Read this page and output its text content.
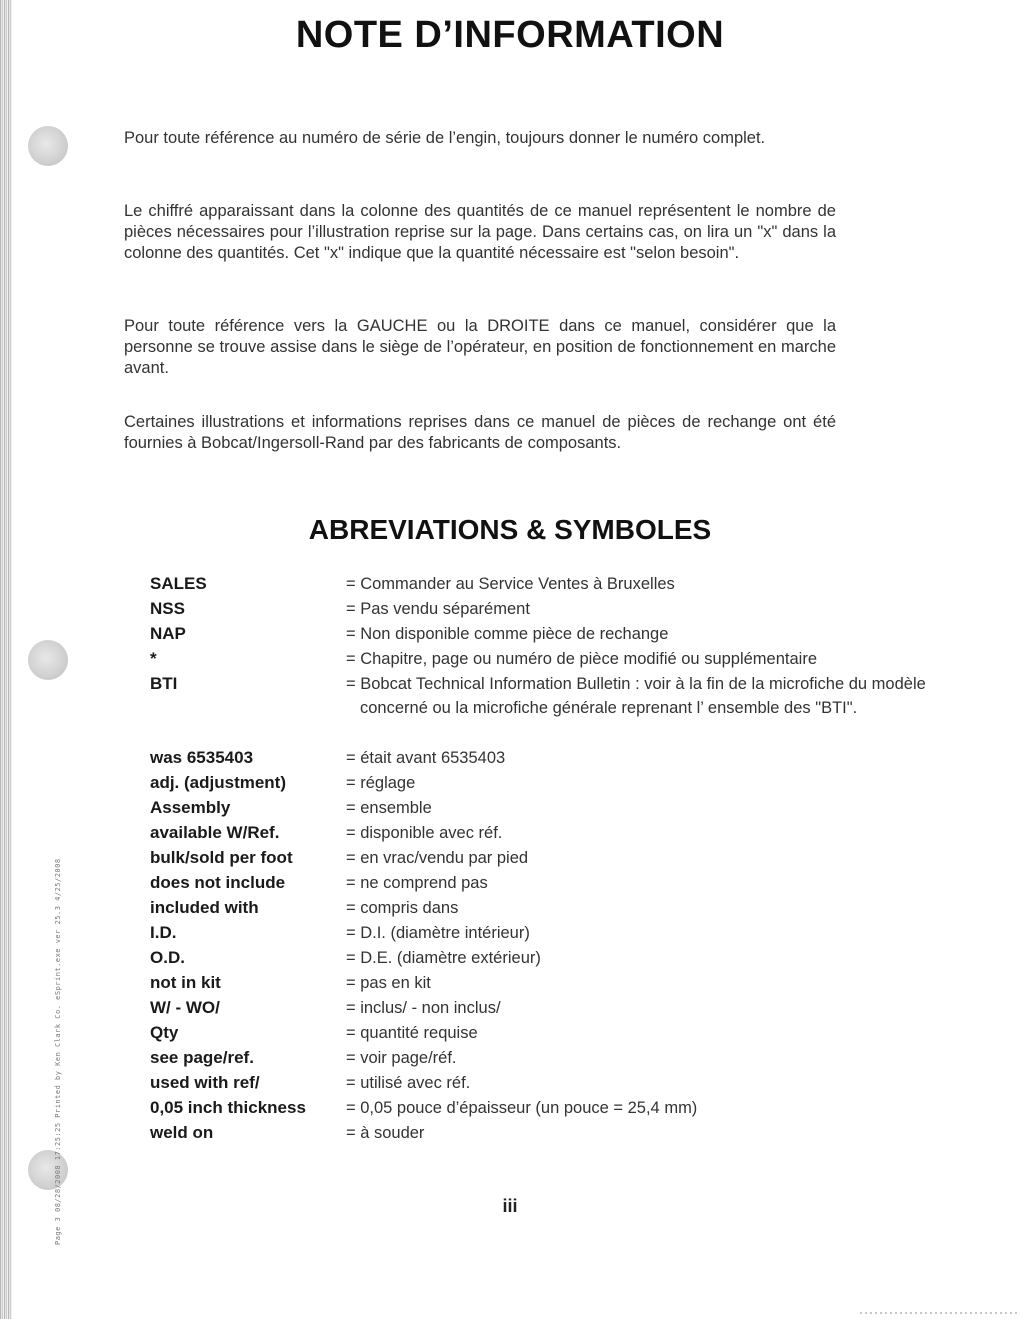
Page 3 08/28/2008 17:25:25 Printed by Ken Clark Co. eSprint.exe ver 25.3 4/25/2008
NOTE D’INFORMATION

Pour toute référence au numéro de série de l’engin, toujours donner le numéro complet.

Le chiffré apparaissant dans la colonne des quantités de ce manuel représentent le nombre de pièces nécessaires pour l’illustration reprise sur la page. Dans certains cas, on lira un "x" dans la colonne des quantités. Cet "x" indique que la quantité nécessaire est "selon besoin".

Pour toute référence vers la GAUCHE ou la DROITE dans ce manuel, considérer que la personne se trouve assise dans le siège de l’opérateur, en position de fonctionnement en marche avant.

Certaines illustrations et informations reprises dans ce manuel de pièces de rechange ont été fournies à Bobcat/Ingersoll-Rand par des fabricants de composants.

ABREVIATIONS & SYMBOLES
SALES	= Commander au Service Ventes à Bruxelles
NSS	= Pas vendu séparément
NAP	= Non disponible comme pièce de rechange
*	= Chapitre, page ou numéro de pièce modifié ou supplémentaire
BTI	= Bobcat Technical Information Bulletin : voir à la fin de la microfiche du modèle concerné ou la microfiche générale reprenant l’ ensemble des "BTI".
was 6535403	= était avant 6535403
adj. (adjustment)	= réglage
Assembly	= ensemble
available W/Ref.	= disponible avec réf.
bulk/sold per foot	= en vrac/vendu par pied
does not include	= ne comprend pas
included with	= compris dans
I.D.	= D.I. (diamètre intérieur)
O.D.	= D.E. (diamètre extérieur)
not in kit	= pas en kit
W/ - WO/	= inclus/ - non inclus/
Qty	= quantité requise
see page/ref.	= voir page/réf.
used with ref/	= utilisé avec réf.
0,05 inch thickness	= 0,05 pouce d’épaisseur (un pouce = 25,4 mm)
weld on	= à souder
iii
